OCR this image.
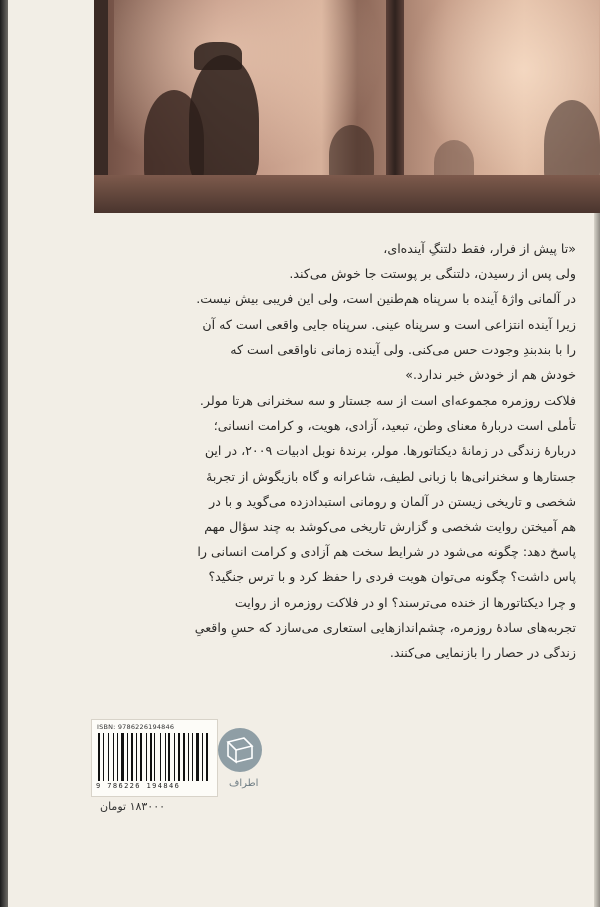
«تا پیش از فرار، فقط دلتنگِ آینده‌ای،
ولی پس از رسیدن، دلتنگی بر پوستت جا خوش می‌کند.
در آلمانی واژۀ آینده با سرپناه هم‌طنین است، ولی این فریبی بیش نیست.
زیرا آینده انتزاعی است و سرپناه عینی. سرپناه جایی واقعی است که آن
را با بندبندِ وجودت حس می‌کنی. ولی آینده زمانی ناواقعی است که
خودش هم از خودش خبر ندارد.»
فلاکت روزمره مجموعه‌ای است از سه جستار و سه سخنرانی هرتا مولر.
تأملی است دربارۀ معنای وطن، تبعید، آزادی، هویت، و کرامت انسانی؛
دربارۀ زندگی در زمانۀ دیکتاتورها. مولر، برندۀ نوبل ادبیات ۲۰۰۹، در این
جستارها و سخنرانی‌ها با زبانی لطیف، شاعرانه و گاه بازیگوش از تجربۀ
شخصی و تاریخی زیستن در آلمان و رومانی استبدادزده می‌گوید و با در
هم آمیختن روایت شخصی و گزارش تاریخی می‌کوشد به چند سؤال مهم
پاسخ دهد: چگونه می‌شود در شرایط سخت هم آزادی و کرامت انسانی را
پاس داشت؟ چگونه می‌توان هویت فردی را حفظ کرد و با ترس جنگید؟
و چرا دیکتاتورها از خنده می‌ترسند؟ او در فلاکت روزمره از روایت
تجربه‌های سادۀ روزمره، چشم‌اندازهایی استعاری می‌سازد که حسِ واقعیِ
زندگی در حصار را بازنمایی می‌کنند.
ISBN: 9786226194846
9 786226 194846
۱۸۳۰۰۰ تومان
اطراف
